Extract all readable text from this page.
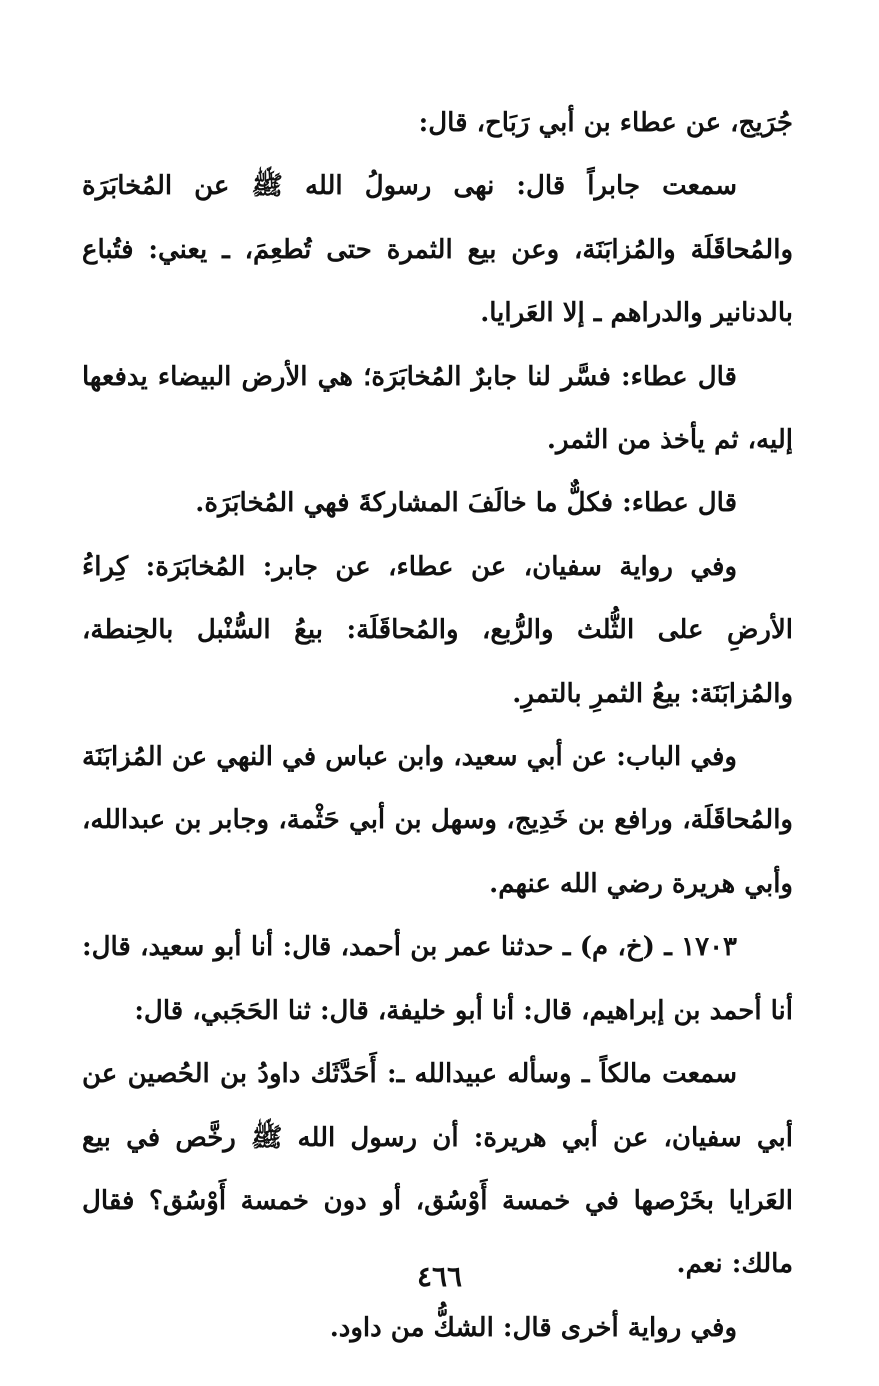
جُرَيج، عن عطاء بن أبي رَبَاح، قال:

سمعت جابراً قال: نهى رسولُ الله ﷺ عن المُخابَرَة والمُحاقَلَة والمُزابَنَة، وعن بيع الثمرة حتى تُطعِمَ، ـ يعني: فتُباع بالدنانير والدراهم ـ إلا العَرايا.

قال عطاء: فسَّر لنا جابرٌ المُخابَرَة؛ هي الأرض البيضاء يدفعها إليه، ثم يأخذ من الثمر.

قال عطاء: فكلٌّ ما خالَفَ المشاركةَ فهي المُخابَرَة.

وفي رواية سفيان، عن عطاء، عن جابر: المُخابَرَة: كِراءُ الأرضِ على الثُّلث والرُّبع، والمُحاقَلَة: بيعُ السُّنْبل بالحِنطة، والمُزابَنَة: بيعُ الثمرِ بالتمرِ.

وفي الباب: عن أبي سعيد، وابن عباس في النهي عن المُزابَنَة والمُحاقَلَة، ورافع بن خَدِيج، وسهل بن أبي حَثْمة، وجابر بن عبدالله، وأبي هريرة رضي الله عنهم.

١٧٠٣ ـ (خ، م) ـ حدثنا عمر بن أحمد، قال: أنا أبو سعيد، قال: أنا أحمد بن إبراهيم، قال: أنا أبو خليفة، قال: ثنا الحَجَبي، قال:

سمعت مالكاً ـ وسأله عبيدالله ـ: أَحَدَّثَك داودُ بن الحُصين عن أبي سفيان، عن أبي هريرة: أن رسول الله ﷺ رخَّص في بيع العَرايا بخَرْصها في خمسة أَوْسُق، أو دون خمسة أَوْسُق؟ فقال مالك: نعم.

وفي رواية أخرى قال: الشكُّ من داود.

٤٦٦
